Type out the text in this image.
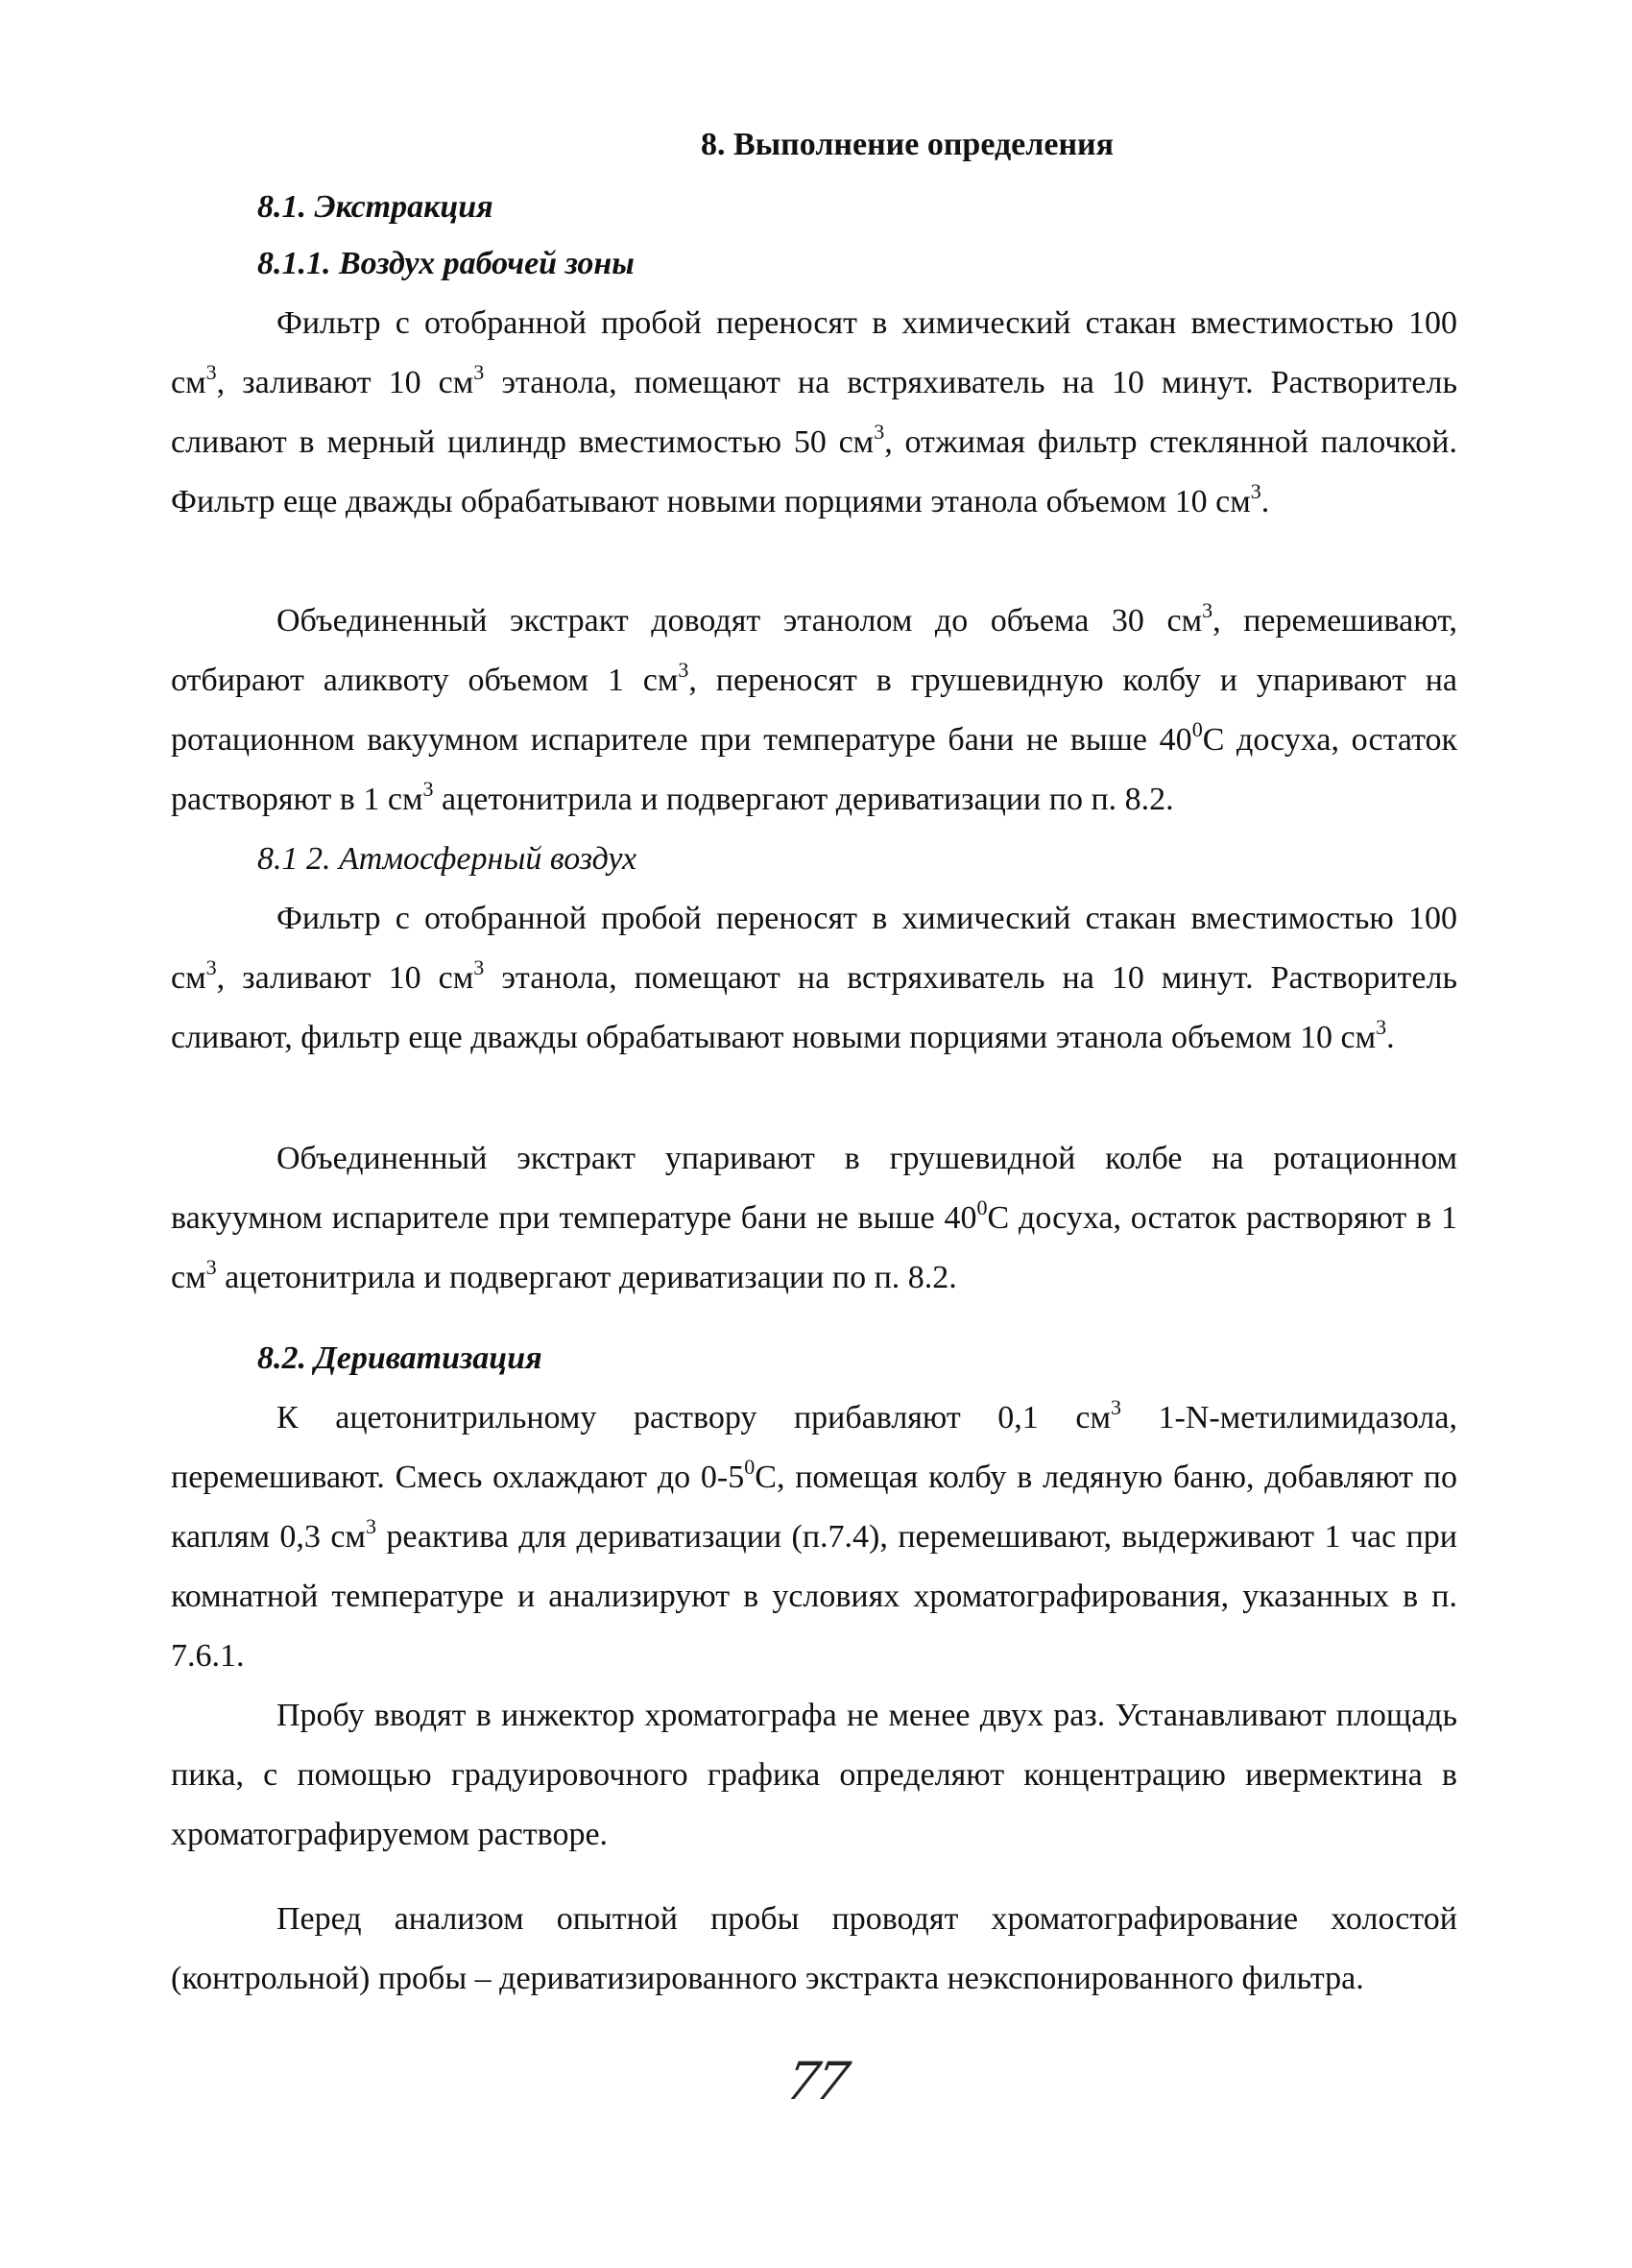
8. Выполнение определения
8.1. Экстракция
8.1.1. Воздух рабочей зоны

Фильтр с отобранной пробой переносят в химический стакан вместимостью 100 $см^3$, заливают 10 $см^3$ этанола, помещают на встряхиватель на 10 минут. Растворитель сливают в мерный цилиндр вместимостью 50 $см^3$, отжимая фильтр стеклянной палочкой. Фильтр еще дважды обрабатывают новыми порциями этанола объемом 10 $см^3$.

Объединенный экстракт доводят этанолом до объема 30 $см^3$, перемешивают, отбирают аликвоту объемом 1 $см^3$, переносят в грушевидную колбу и упаривают на ротационном вакуумном испарителе при температуре бани не выше $40^0С$ досуха, остаток растворяют в 1 $см^3$ ацетонитрила и подвергают дериватизации по п. 8.2.

8.1 2. Атмосферный воздух

Фильтр с отобранной пробой переносят в химический стакан вместимостью 100 $см^3$, заливают 10 $см^3$ этанола, помещают на встряхиватель на 10 минут. Растворитель сливают, фильтр еще дважды обрабатывают новыми порциями этанола объемом 10 $см^3$.

Объединенный экстракт упаривают в грушевидной колбе на ротационном вакуумном испарителе при температуре бани не выше $40^0С$ досуха, остаток растворяют в 1 $см^3$ ацетонитрила и подвергают дериватизации по п. 8.2.

8.2. Дериватизация

К ацетонитрильному раствору прибавляют 0,1 $см^3$ 1-N-метилимидазола, перемешивают. Смесь охлаждают до $0-5^0С$, помещая колбу в ледяную баню, добавляют по каплям 0,3 $см^3$ реактива для дериватизации (п.7.4), перемешивают, выдерживают 1 час при комнатной температуре и анализируют в условиях хроматографирования, указанных в п. 7.6.1.

Пробу вводят в инжектор хроматографа не менее двух раз. Устанавливают площадь пика, с помощью градуировочного графика определяют концентрацию ивермектина в хроматографируемом растворе.

Перед анализом опытной пробы проводят хроматографирование холостой (контрольной) пробы – дериватизированного экстракта неэкспонированного фильтра.

77
